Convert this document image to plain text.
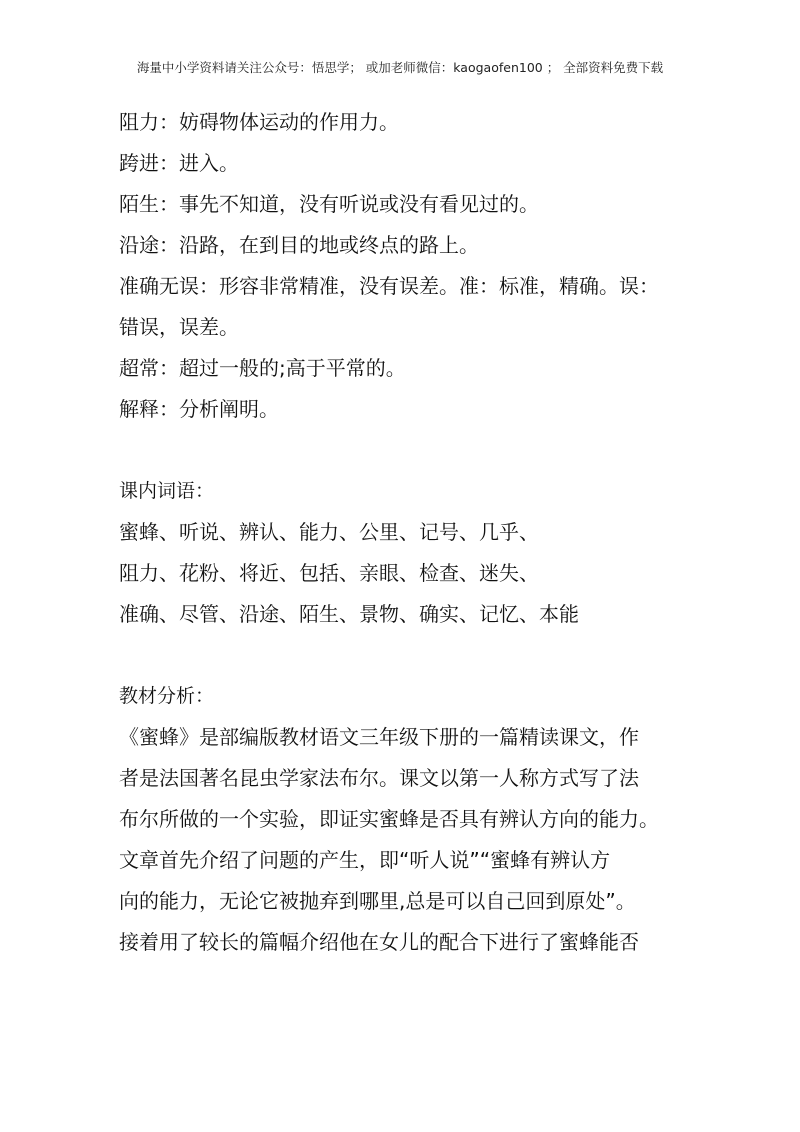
海量中小学资料请关注公众号：悟思学； 或加老师微信：kaogaofen100 ； 全部资料免费下载
阻力：妨碍物体运动的作用力。
跨进：进入。
陌生：事先不知道，没有听说或没有看见过的。
沿途：沿路，在到目的地或终点的路上。
准确无误：形容非常精准，没有误差。准：标准，精确。误：
错误，误差。
超常：超过一般的;高于平常的。
解释：分析阐明。
课内词语：
蜜蜂、听说、辨认、能力、公里、记号、几乎、
阻力、花粉、将近、包括、亲眼、检查、迷失、
准确、尽管、沿途、陌生、景物、确实、记忆、本能
教材分析：
《蜜蜂》是部编版教材语文三年级下册的一篇精读课文，作
者是法国著名昆虫学家法布尔。课文以第一人称方式写了法
布尔所做的一个实验，即证实蜜蜂是否具有辨认方向的能力。
文章首先介绍了问题的产生，即“听人说”“蜜蜂有辨认方
向的能力，无论它被抛弃到哪里,总是可以自己回到原处”。
接着用了较长的篇幅介绍他在女儿的配合下进行了蜜蜂能否
